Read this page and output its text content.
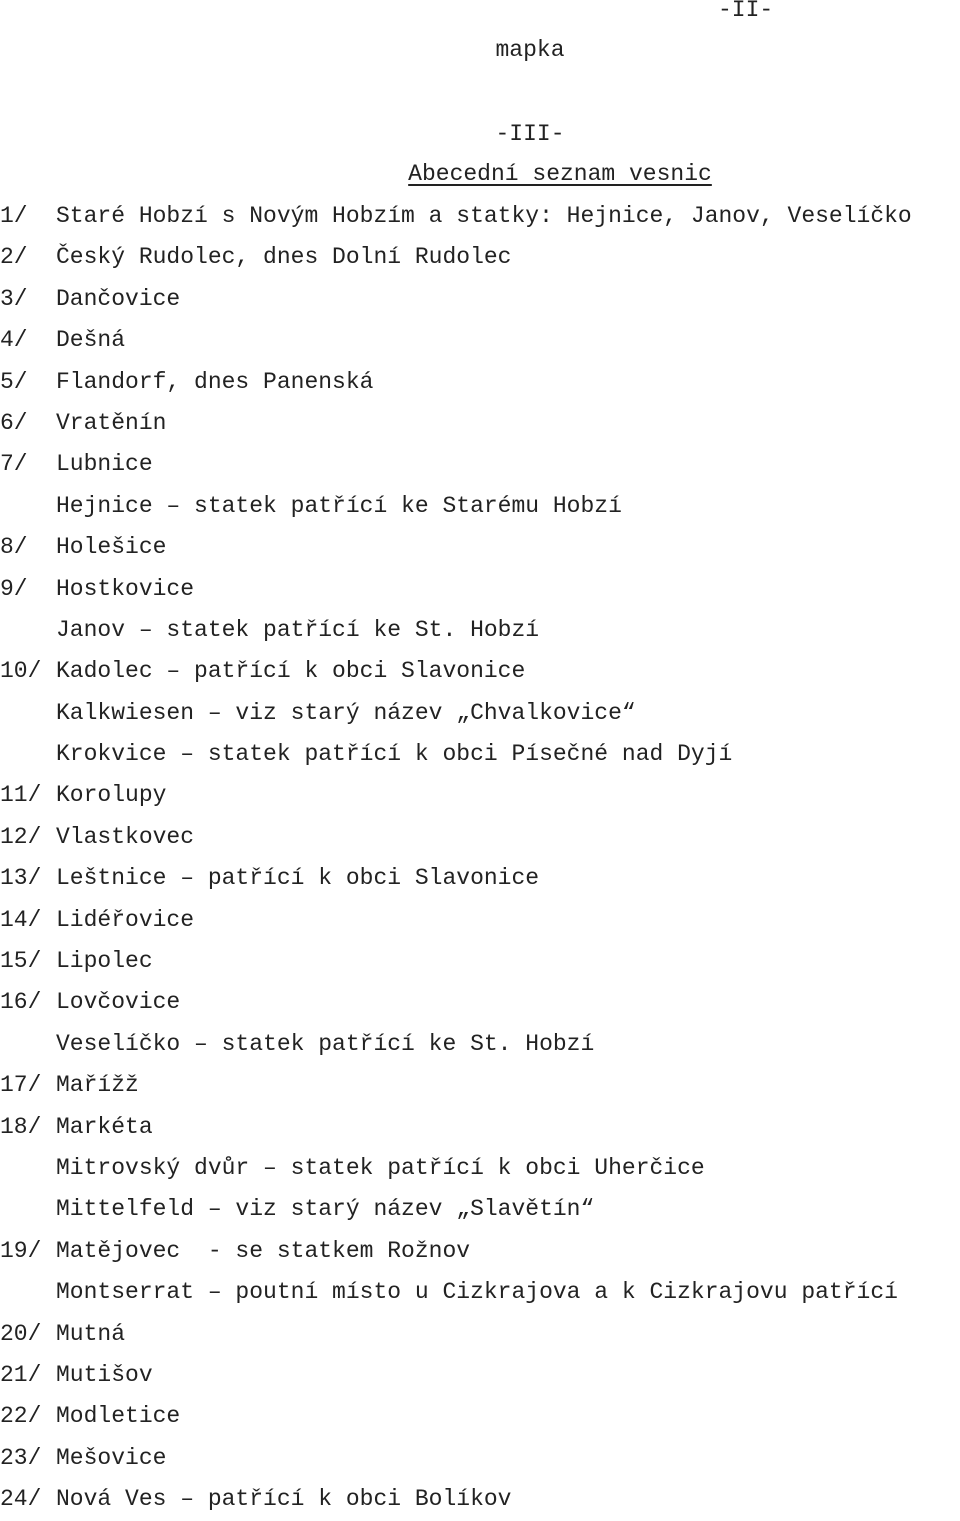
-II-
mapka
-III-
Abecední seznam vesnic
1/	Staré Hobzí s Novým Hobzím a statky: Hejnice, Janov, Veselíčko
2/	Český Rudolec, dnes Dolní Rudolec
3/	Dančovice
4/	Dešná
5/	Flandorf, dnes Panenská
6/	Vratěnín
7/	Lubnice
Hejnice – statek patřící ke Starému Hobzí
8/	Holešice
9/	Hostkovice
Janov – statek patřící ke St. Hobzí
10/ Kadolec – patřící k obci Slavonice
Kalkwiesen – viz starý název „Chvalkovice“
Krokvice – statek patřící k obci Písečné nad Dyjí
11/ Korolupy
12/ Vlastkovec
13/ Leštnice – patřící k obci Slavonice
14/ Lidéřovice
15/ Lipolec
16/ Lovčovice
Veselíčko – statek patřící ke St. Hobzí
17/ Mařížž
18/ Markéta
Mitrovský dvůr – statek patřící k obci Uherčice
Mittelfeld – viz starý název „Slavětín“
19/ Matějovec  - se statkem Rožnov
Montserrat – poutní místo u Cizkrajova a k Cizkrajovu patřící
20/ Mutná
21/ Mutišov
22/ Modletice
23/ Mešovice
24/ Nová Ves – patřící k obci Bolíkov
